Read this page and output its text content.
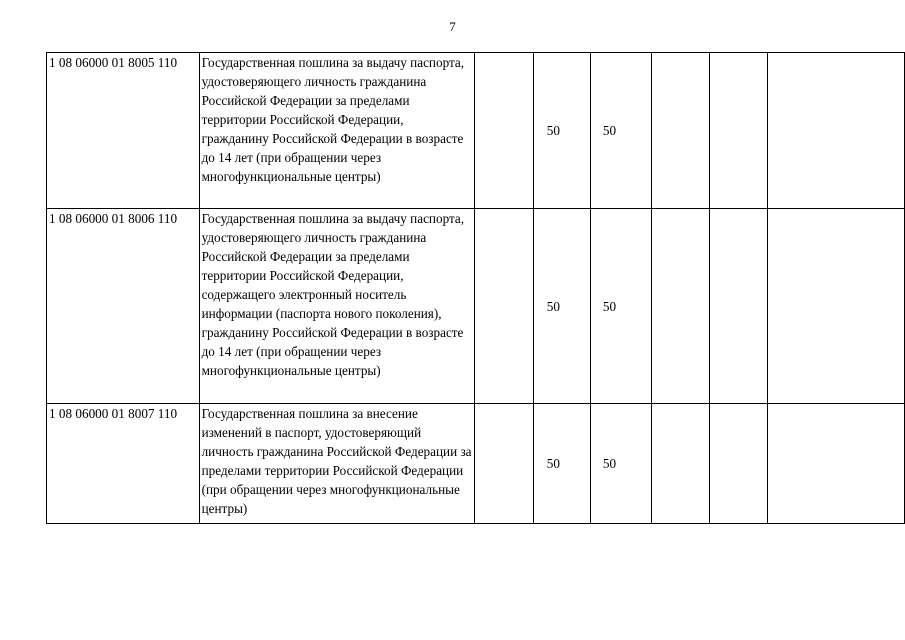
7
1 08 06000 01 8005 110	Государственная пошлина за выдачу паспорта, удостоверяющего личность гражданина Российской Федерации за пределами территории Российской Федерации, гражданину Российской Федерации в возрасте до 14 лет (при обращении через многофункциональные центры)		50	50			
1 08 06000 01 8006 110	Государственная пошлина за выдачу паспорта, удостоверяющего личность гражданина Российской Федерации за пределами территории Российской Федерации, содержащего электронный носитель информации (паспорта нового поколения), гражданину Российской Федерации в возрасте до 14 лет (при обращении через многофункциональные центры)		50	50			
1 08 06000 01 8007 110	Государственная пошлина за внесение изменений в паспорт, удостоверяющий личность гражданина Российской Федерации за пределами территории Российской Федерации (при обращении через многофункциональные центры)		50	50			
